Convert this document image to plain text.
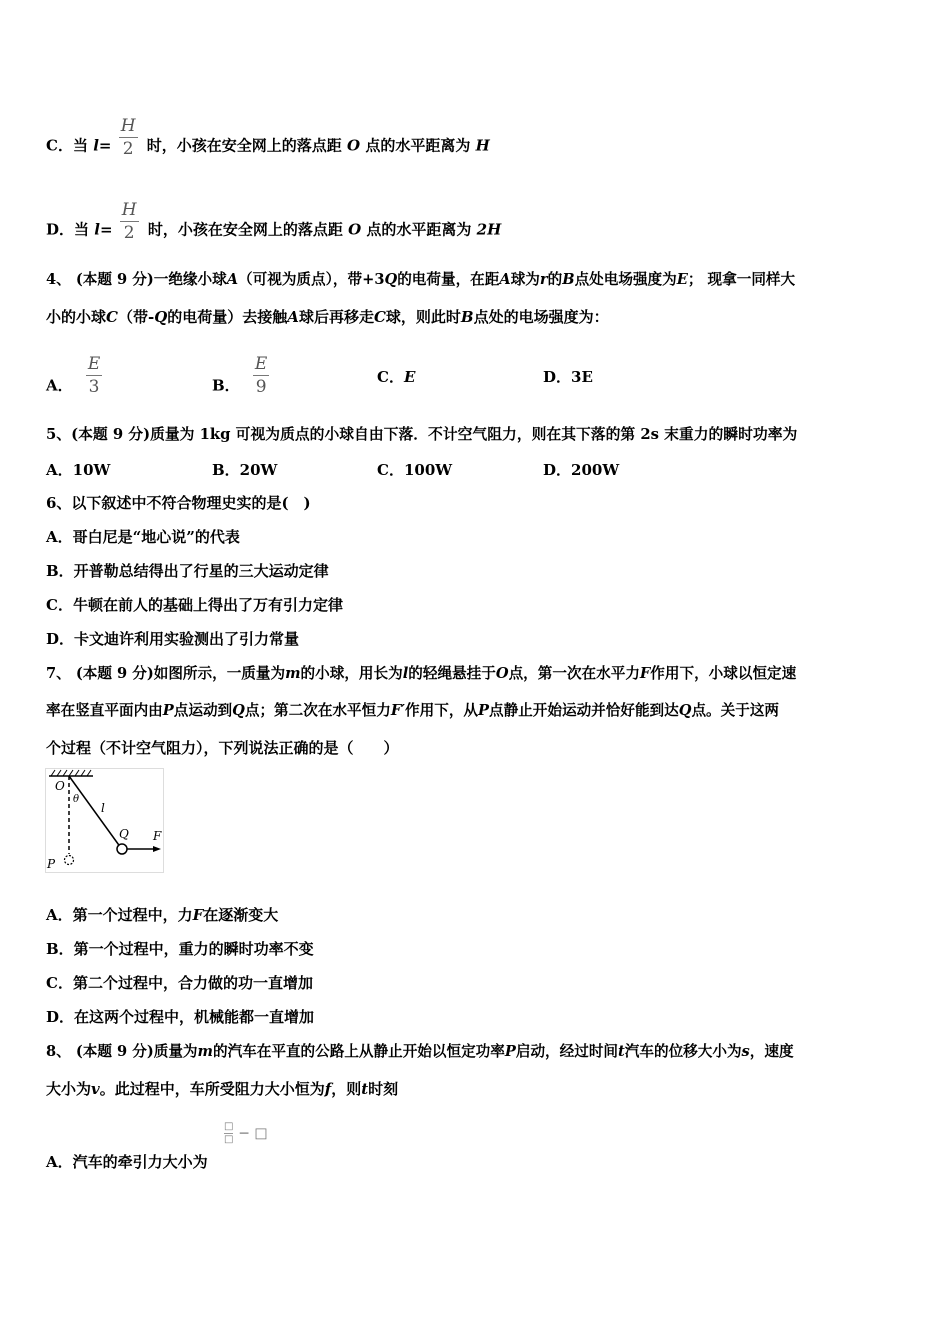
C．当 $l= \frac{H}{2}$ 时，小孩在安全网上的落点距 O 点的水平距离为 H
D．当 $l= \frac{H}{2}$ 时，小孩在安全网上的落点距 O 点的水平距离为 2H
4、 (本题 9 分)一绝缘小球A（可视为质点），带+3Q的电荷量，在距A球为r的B点处电场强度为E； 现拿一同样大
小的小球C（带-Q的电荷量）去接触A球后再移走C球，则此时B点处的电场强度为：
A． $\frac{E}{3}$	B． $\frac{E}{9}$	C．E	D．3E
5、(本题 9 分)质量为 1kg 可视为质点的小球自由下落．不计空气阻力，则在其下落的第 2s 末重力的瞬时功率为
A．10W	B．20W	C．100W	D．200W
6、以下叙述中不符合物理史实的是(　)
A．哥白尼是“地心说”的代表
B．开普勒总结得出了行星的三大运动定律
C．牛顿在前人的基础上得出了万有引力定律
D．卡文迪许利用实验测出了引力常量
7、 (本题 9 分)如图所示，一质量为m的小球，用长为l的轻绳悬挂于O点，第一次在水平力F作用下，小球以恒定速
率在竖直平面内由P点运动到Q点；第二次在水平恒力F′作用下，从P点静止开始运动并恰好能到达Q点。关于这两
个过程（不计空气阻力），下列说法正确的是（　　）
O
θ
l
Q F
P
A．第一个过程中，力F在逐渐变大
B．第一个过程中，重力的瞬时功率不变
C．第二个过程中，合力做的功一直增加
D．在这两个过程中，机械能都一直增加
8、 (本题 9 分)质量为m的汽车在平直的公路上从静止开始以恒定功率P启动，经过时间t汽车的位移大小为s，速度
大小为v。此过程中，车所受阻力大小恒为f，则t时刻
□
□ − □
A．汽车的牵引力大小为
